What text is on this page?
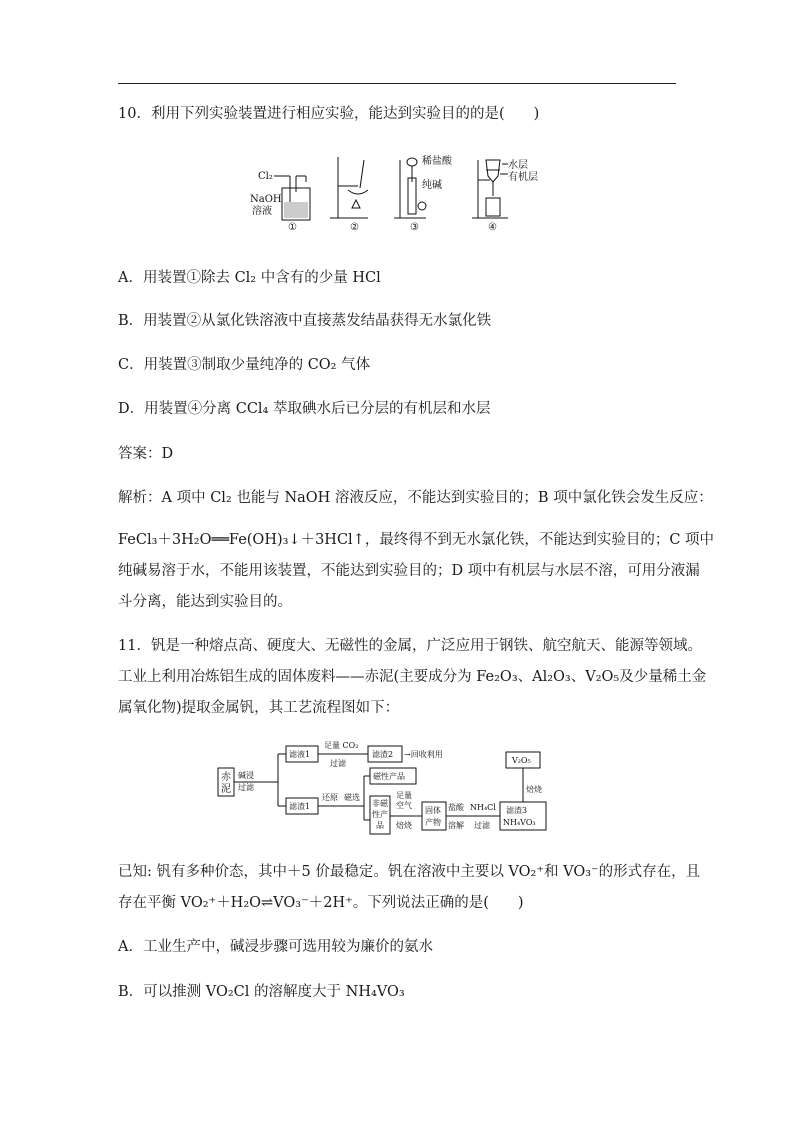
10．利用下列实验装置进行相应实验，能达到实验目的的是(　　)
Cl₂
NaOH
溶液
①	②
稀盐酸
纯碱
③
水层
有机层
④
A．用装置①除去 Cl₂ 中含有的少量 HCl
B．用装置②从氯化铁溶液中直接蒸发结晶获得无水氯化铁
C．用装置③制取少量纯净的 CO₂ 气体
D．用装置④分离 CCl₄ 萃取碘水后已分层的有机层和水层
答案：D
解析：A 项中 Cl₂ 也能与 NaOH 溶液反应，不能达到实验目的；B 项中氯化铁会发生反应：
FeCl₃＋3H₂O══Fe(OH)₃↓＋3HCl↑，最终得不到无水氯化铁，不能达到实验目的；C 项中
纯碱易溶于水，不能用该装置，不能达到实验目的；D 项中有机层与水层不溶，可用分液漏
斗分离，能达到实验目的。
11．钒是一种熔点高、硬度大、无磁性的金属，广泛应用于钢铁、航空航天、能源等领域。
工业上利用冶炼铝生成的固体废料——赤泥(主要成分为 Fe₂O₃、Al₂O₃、V₂O₅及少量稀土金
属氧化物)提取金属钒，其工艺流程图如下：
赤
泥
碱浸
过滤
滤液1
足量 CO₂
过滤
滤渣2 →回收利用
滤渣1
还原 磁选
磁性产品
非磁
性产
品
足量
空气
焙烧
固体
产物
盐酸
溶解
NH₄Cl
过滤
滤渣3
NH₄VO₃
焙烧
V₂O₅
已知: 钒有多种价态，其中＋5 价最稳定。钒在溶液中主要以 VO₂⁺和 VO₃⁻的形式存在，且
存在平衡 VO₂⁺＋H₂O⇌VO₃⁻＋2H⁺。下列说法正确的是(　　)
A．工业生产中，碱浸步骤可选用较为廉价的氨水
B．可以推测 VO₂Cl 的溶解度大于 NH₄VO₃
